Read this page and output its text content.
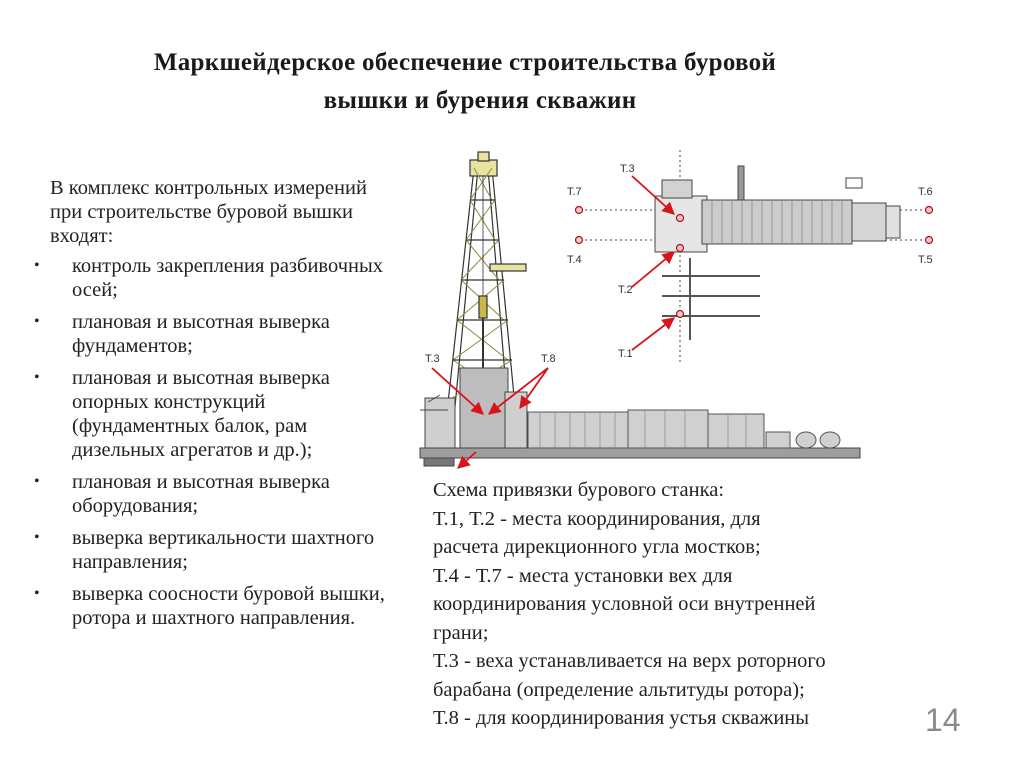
Маркшейдерское обеспечение строительства буровой
вышки и бурения скважин
В комплекс контрольных измерений при строительстве буровой вышки входят:
• контроль закрепления разбивочных осей;
• плановая и высотная выверка фундаментов;
• плановая и высотная выверка опорных конструкций (фундаментных балок, рам дизельных агрегатов и др.);
• плановая и высотная выверка оборудования;
• выверка вертикальности шахтного направления;
• выверка соосности буровой вышки, ротора и шахтного направления.
Т.3	Т.8
Т.7
Т.4
Т.6
Т.5
Т.3
Т.2
Т.1
Схема привязки бурового станка:
Т.1, Т.2 - места координирования, для
расчета дирекционного угла мостков;
Т.4 - Т.7 - места установки вех для
координирования условной оси внутренней
грани;
Т.3 - веха устанавливается на верх роторного
барабана (определение альтитуды ротора);
Т.8 - для координирования устья скважины	14
